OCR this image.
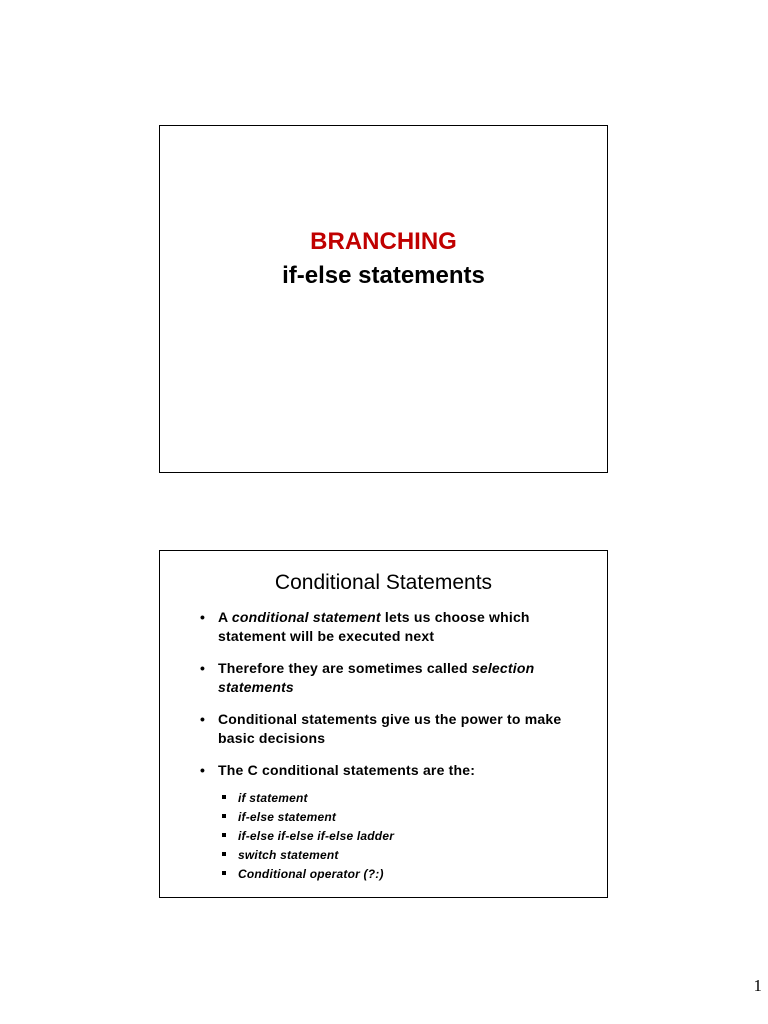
BRANCHING
if-else statements
Conditional Statements
• A conditional statement lets us choose which statement will be executed next
• Therefore they are sometimes called selection statements
• Conditional statements give us the power to make basic decisions
• The C conditional statements are the:
if statement
if-else statement
if-else if-else if-else ladder
switch statement
Conditional operator (?:)
1
